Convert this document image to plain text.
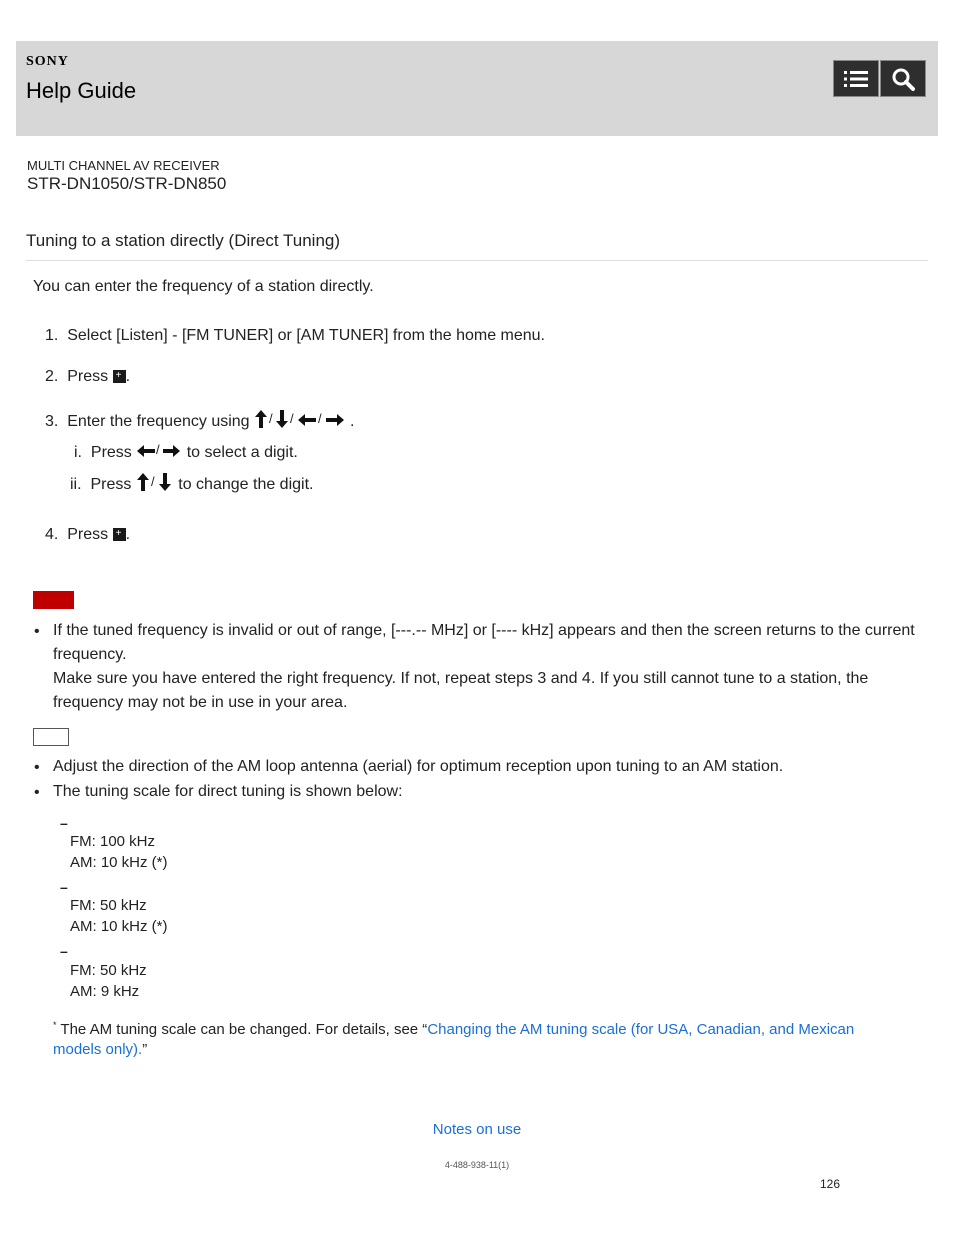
SONY
Help Guide
MULTI CHANNEL AV RECEIVER
STR-DN1050/STR-DN850
Tuning to a station directly (Direct Tuning)
You can enter the frequency of a station directly.
1. Select [Listen] - [FM TUNER] or [AM TUNER] from the home menu.
2. Press + .
3. Enter the frequency using / / / .
i. Press / to select a digit.
ii. Press / to change the digit.
4. Press + .
• If the tuned frequency is invalid or out of range, [---.-- MHz] or [---- kHz] appears and then the screen returns to the current frequency.
Make sure you have entered the right frequency. If not, repeat steps 3 and 4. If you still cannot tune to a station, the frequency may not be in use in your area.
• Adjust the direction of the AM loop antenna (aerial) for optimum reception upon tuning to an AM station.
• The tuning scale for direct tuning is shown below:
–
FM: 100 kHz
AM: 10 kHz (*)
–
FM: 50 kHz
AM: 10 kHz (*)
–
FM: 50 kHz
AM: 9 kHz
* The AM tuning scale can be changed. For details, see “Changing the AM tuning scale (for USA, Canadian, and Mexican models only).”
Notes on use
4-488-938-11(1)
126
